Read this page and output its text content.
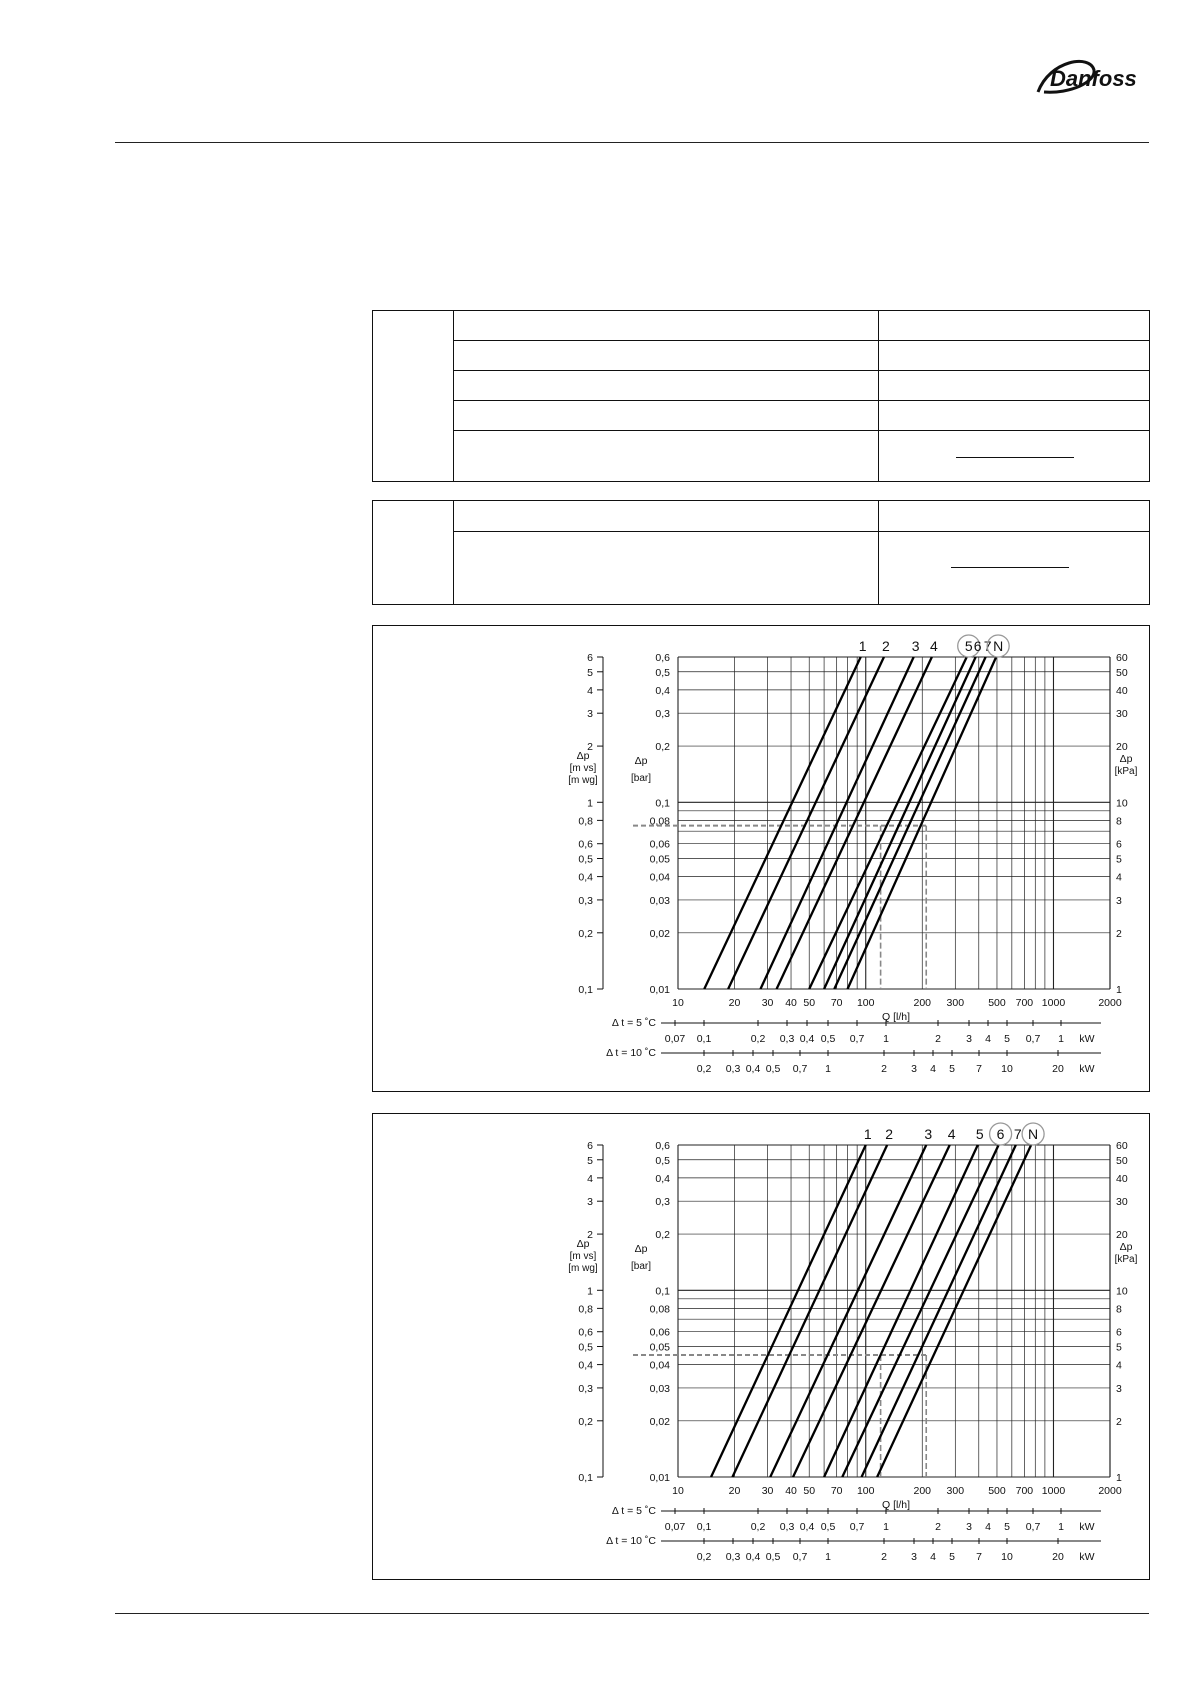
Danfoss
1 2 3 4 5 6 7 N
0,6
6	60
0,5
5	50
0,4
4	40
0,3
3	30
0,2
2	20
0,1
1	10
0,08
0,8	8
0,06
0,6	6
0,05
0,5	5
0,04
0,4	4
0,03
0,3	3
0,02
0,2	2
0,01
0,1	1
Δp
[m vs]
[m wg]
Δp
[bar]
Δp
[kPa]
10	20 30 40 50 70 100	200 300 500 700 1000	2000
Q [l/h]
Δ t = 5 ˚C
0,07 0,1	0,2 0,3 0,4 0,5 0,7 1	2 3 4 5 0,7 1 kW
Δ t = 10 ˚C
0,2 0,3 0,4 0,5 0,7 1	2 3 4 5 7 10	20 kW
1 2 3 4 5 6 7 N
0,6
6	60
0,5
5	50
0,4
4	40
0,3
3	30
0,2
2	20
0,1
1	10
0,08
0,8	8
0,06
0,6	6
0,05
0,5	5
0,04
0,4	4
0,03
0,3	3
0,02
0,2	2
0,01
0,1	1
Δp
[m vs]
[m wg]
Δp
[bar]
Δp
[kPa]
10	20 30 40 50 70 100	200 300 500 700 1000	2000
Q [l/h]
Δ t = 5 ˚C
0,07 0,1	0,2 0,3 0,4 0,5 0,7 1	2 3 4 5 0,7 1 kW
Δ t = 10 ˚C
0,2 0,3 0,4 0,5 0,7 1	2 3 4 5 7 10	20 kW
